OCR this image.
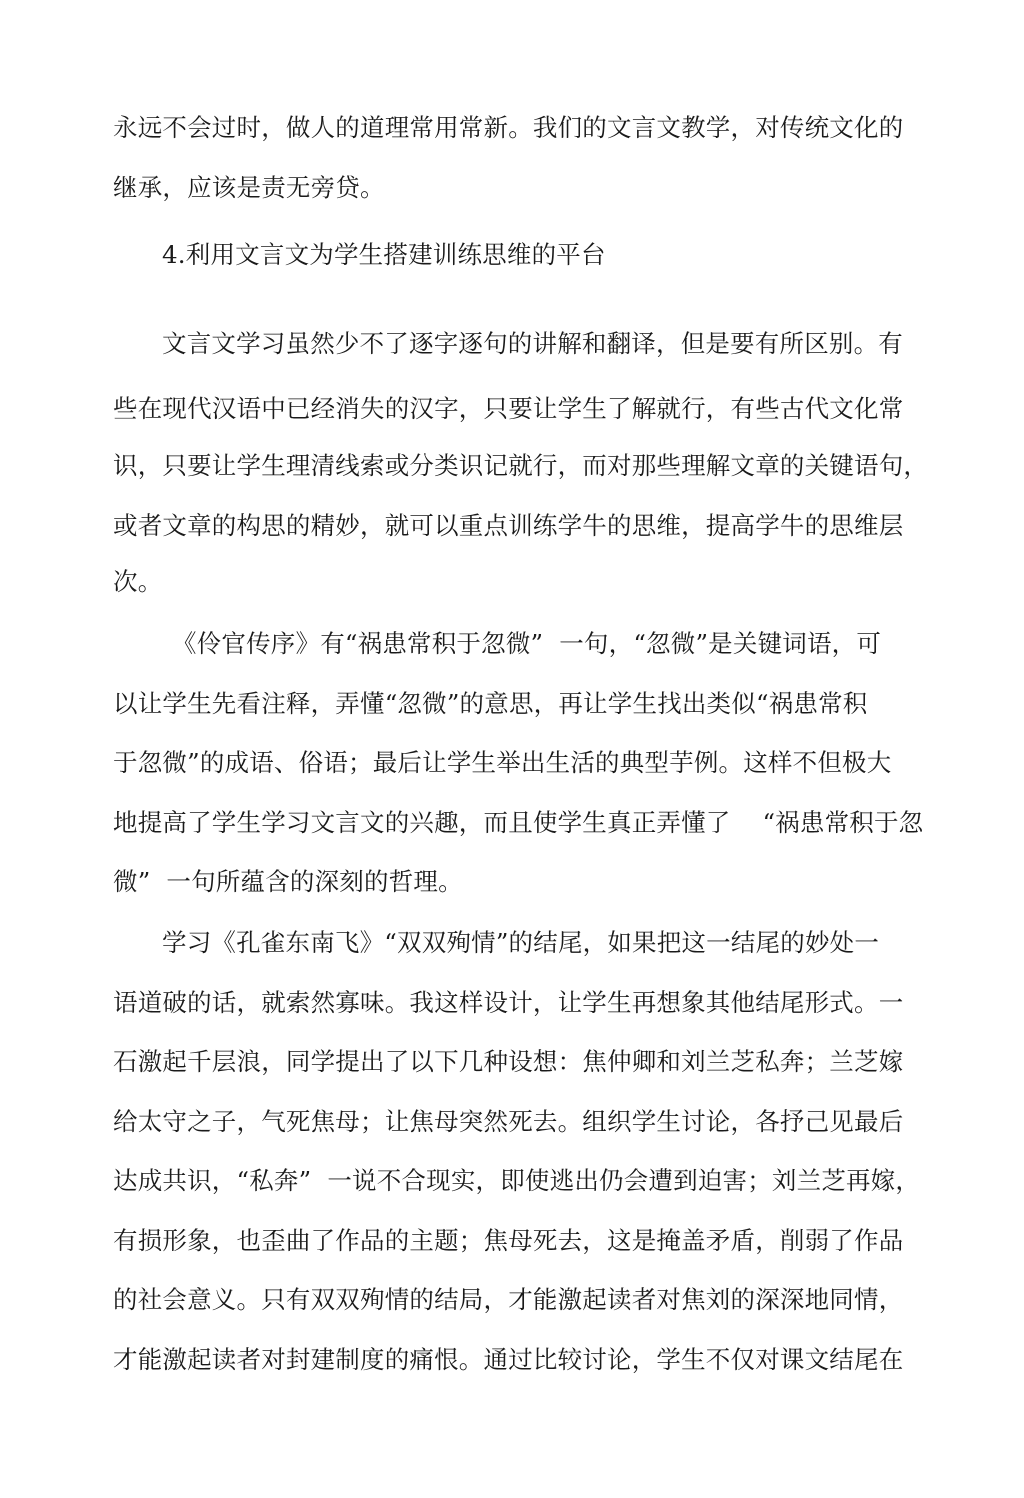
永远不会过时，做人的道理常用常新。我们的文言文教学，对传统文化的
继承，应该是责无旁贷。
4.利用文言文为学生搭建训练思维的平台
文言文学习虽然少不了逐字逐句的讲解和翻译，但是要有所区别。有
些在现代汉语中已经消失的汉字，只要让学生了解就行，有些古代文化常
识，只要让学生理清线索或分类识记就行，而对那些理解文章的关键语句，
或者文章的构思的精妙，就可以重点训练学牛的思维，提高学牛的思维层
次。
《伶官传序》有“祸患常积于忽微”  一句，“忽微”是关键词语，可
以让学生先看注释，弄懂“忽微”的意思，再让学生找出类似“祸患常积
于忽微”的成语、俗语；最后让学生举出生活的典型芋例。这样不但极大
地提高了学生学习文言文的兴趣，而且使学生真正弄懂了    “祸患常积于忽
微”  一句所蕴含的深刻的哲理。
学习《孔雀东南飞》“双双殉情”的结尾，如果把这一结尾的妙处一
语道破的话，就索然寡味。我这样设计，让学生再想象其他结尾形式。一
石激起千层浪，同学提出了以下几种设想：焦仲卿和刘兰芝私奔；兰芝嫁
给太守之子，气死焦母；让焦母突然死去。组织学生讨论，各抒己见最后
达成共识，“私奔”  一说不合现实，即使逃出仍会遭到迫害；刘兰芝再嫁，
有损形象，也歪曲了作品的主题；焦母死去，这是掩盖矛盾，削弱了作品
的社会意义。只有双双殉情的结局，才能激起读者对焦刘的深深地同情，
才能激起读者对封建制度的痛恨。通过比较讨论，学生不仅对课文结尾在
